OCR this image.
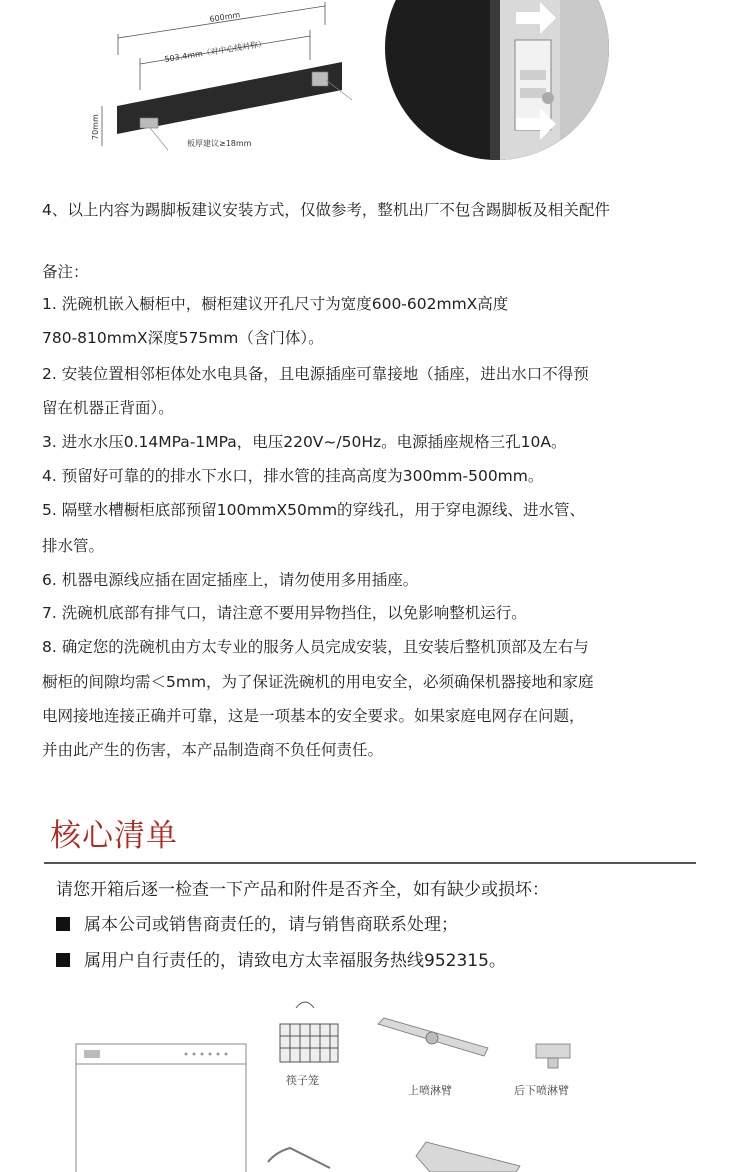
600mm
503.4mm（对中心线对称）
70mm
板厚建议≥18mm
4、以上内容为踢脚板建议安装方式，仅做参考，整机出厂不包含踢脚板及相关配件
备注：
1. 洗碗机嵌入橱柜中，橱柜建议开孔尺寸为宽度600-602mmX高度
780-810mmX深度575mm（含门体）。
2. 安装位置相邻柜体处水电具备，且电源插座可靠接地（插座，进出水口不得预
留在机器正背面）。
3. 进水水压0.14MPa-1MPa，电压220V~/50Hz。电源插座规格三孔10A。
4. 预留好可靠的的排水下水口，排水管的挂高高度为300mm-500mm。
5. 隔壁水槽橱柜底部预留100mmX50mm的穿线孔，用于穿电源线、进水管、
排水管。
6. 机器电源线应插在固定插座上，请勿使用多用插座。
7. 洗碗机底部有排气口，请注意不要用异物挡住，以免影响整机运行。
8. 确定您的洗碗机由方太专业的服务人员完成安装，且安装后整机顶部及左右与
橱柜的间隙均需＜5mm，为了保证洗碗机的用电安全，必须确保机器接地和家庭
电网接地连接正确并可靠，这是一项基本的安全要求。如果家庭电网存在问题，
并由此产生的伤害，本产品制造商不负任何责任。
核心清单
请您开箱后逐一检查一下产品和附件是否齐全，如有缺少或损坏：
属本公司或销售商责任的，请与销售商联系处理；
属用户自行责任的，请致电方太幸福服务热线952315。
筷子笼
上喷淋臂	后下喷淋臂
